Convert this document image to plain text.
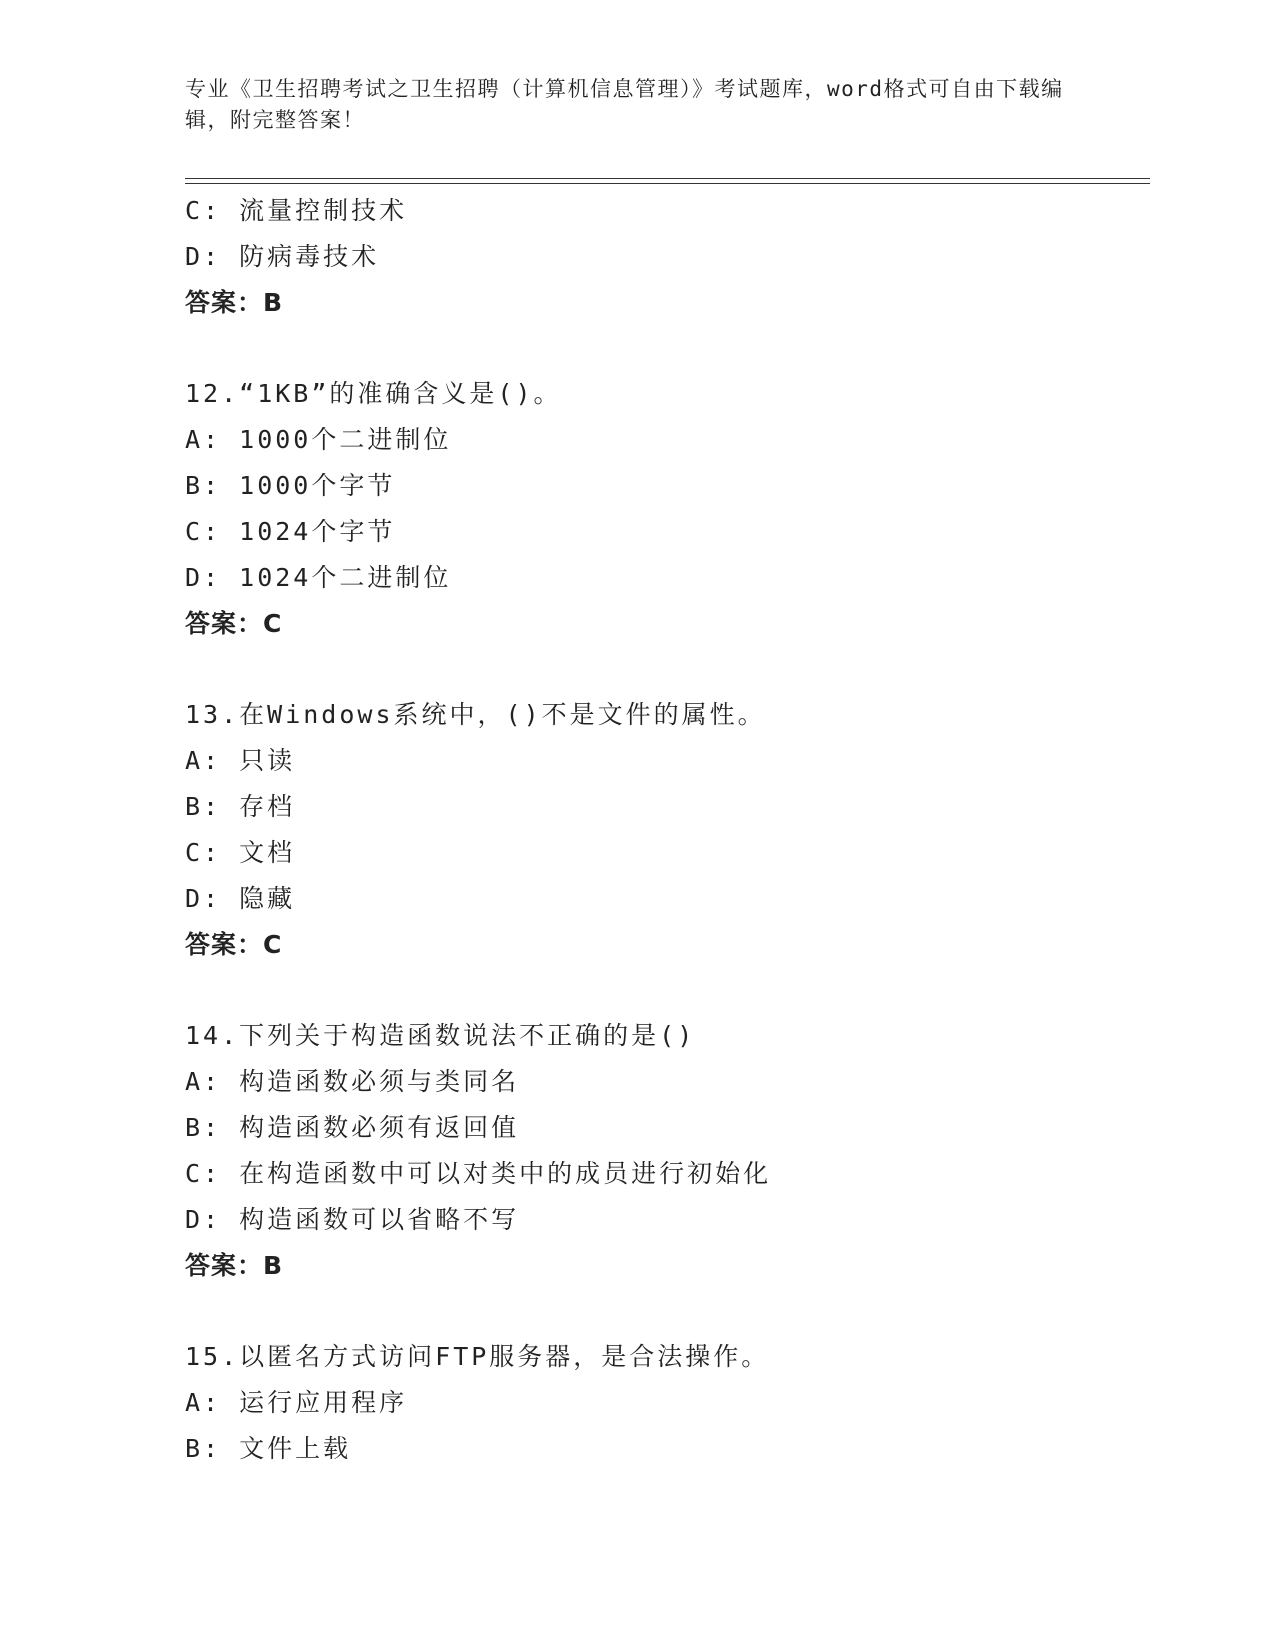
专业《卫生招聘考试之卫生招聘（计算机信息管理）》考试题库，word格式可自由下载编辑，附完整答案！
C: 流量控制技术
D: 防病毒技术
答案：B
12.“1KB”的准确含义是()。
A: 1000个二进制位
B: 1000个字节
C: 1024个字节
D: 1024个二进制位
答案：C
13.在Windows系统中，()不是文件的属性。
A: 只读
B: 存档
C: 文档
D: 隐藏
答案：C
14.下列关于构造函数说法不正确的是()
A: 构造函数必须与类同名
B: 构造函数必须有返回值
C: 在构造函数中可以对类中的成员进行初始化
D: 构造函数可以省略不写
答案：B
15.以匿名方式访问FTP服务器，是合法操作。
A: 运行应用程序
B: 文件上载
